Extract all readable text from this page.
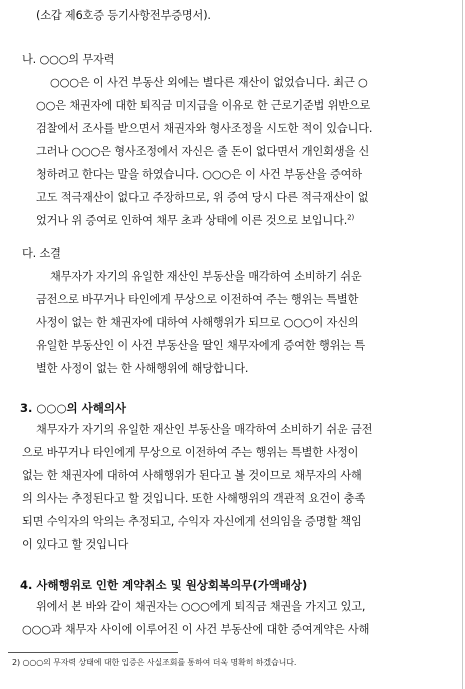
(소갑 제6호증 등기사항전부증명서).
나. ○○○의 무자력
○○○은 이 사건 부동산 외에는 별다른 재산이 없었습니다. 최근 ○
○○은 채권자에 대한 퇴직금 미지급을 이유로 한 근로기준법 위반으로
검찰에서 조사를 받으면서 채권자와 형사조정을 시도한 적이 있습니다.
그러나 ○○○은 형사조정에서 자신은 줄 돈이 없다면서 개인회생을 신
청하려고 한다는 말을 하였습니다. ○○○은 이 사건 부동산을 증여하
고도 적극재산이 없다고 주장하므로, 위 증여 당시 다른 적극재산이 없
었거나 위 증여로 인하여 채무 초과 상태에 이른 것으로 보입니다.$^{2)}$
다. 소결
채무자가 자기의 유일한 재산인 부동산을 매각하여 소비하기 쉬운
금전으로 바꾸거나 타인에게 무상으로 이전하여 주는 행위는 특별한
사정이 없는 한 채권자에 대하여 사해행위가 되므로 ○○○이 자신의
유일한 부동산인 이 사건 부동산을 딸인 채무자에게 증여한 행위는 특
별한 사정이 없는 한 사해행위에 해당합니다.
3. ○○○의 사해의사
채무자가 자기의 유일한 재산인 부동산을 매각하여 소비하기 쉬운 금전
으로 바꾸거나 타인에게 무상으로 이전하여 주는 행위는 특별한 사정이
없는 한 채권자에 대하여 사해행위가 된다고 볼 것이므로 채무자의 사해
의 의사는 추정된다고 할 것입니다. 또한 사해행위의 객관적 요건이 충족
되면 수익자의 악의는 추정되고, 수익자 자신에게 선의임을 증명할 책임
이 있다고 할 것입니다
4. 사해행위로 인한 계약취소 및 원상회복의무(가액배상)
위에서 본 바와 같이 채권자는 ○○○에게 퇴직금 채권을 가지고 있고,
○○○과 채무자 사이에 이루어진 이 사건 부동산에 대한 증여계약은 사해
2) ○○○의 무자력 상태에 대한 입증은 사실조회를 통하여 더욱 명확히 하겠습니다.
